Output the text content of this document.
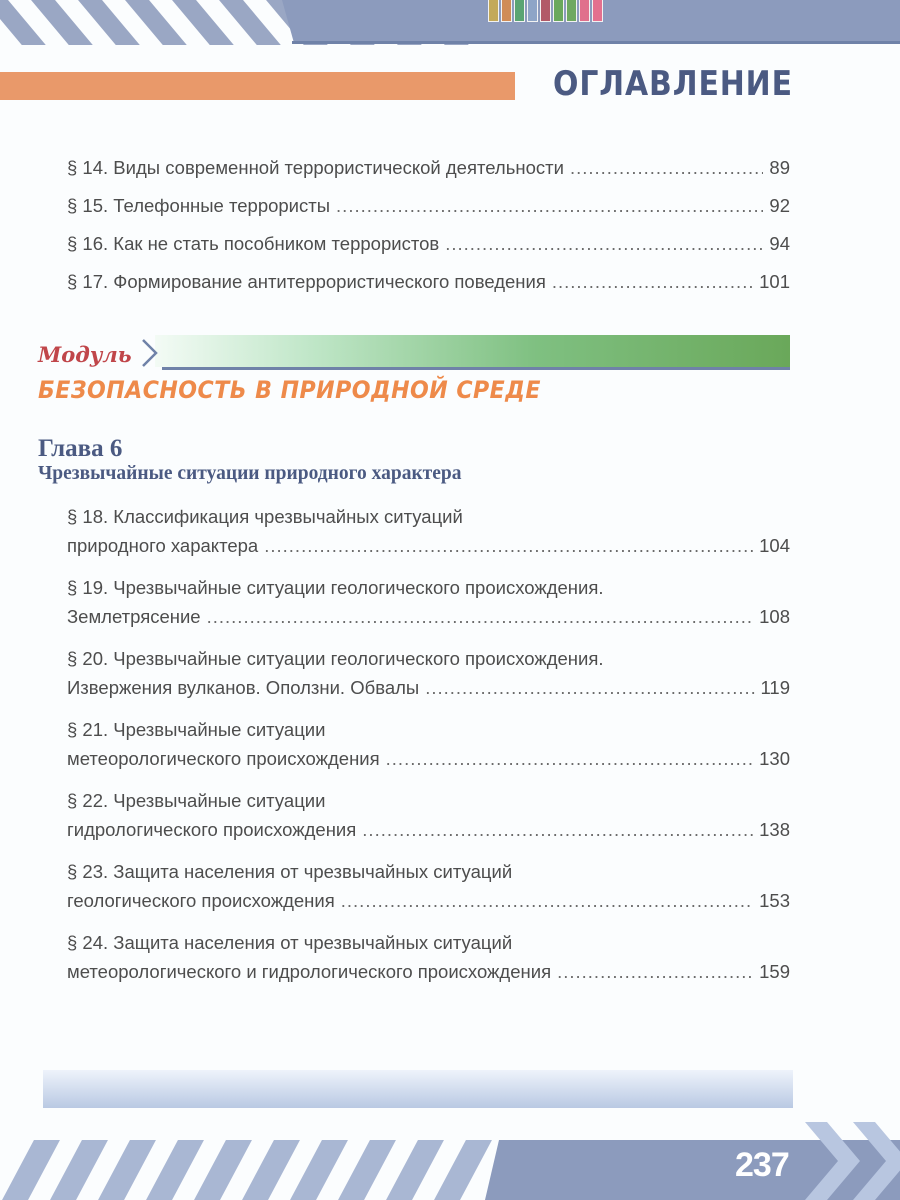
ОГЛАВЛЕНИЕ
§ 14. Виды современной террористической деятельности .....	89
§ 15. Телефонные террористы .....	92
§ 16. Как не стать пособником террористов .....	94
§ 17. Формирование антитеррористического поведения .....	101
Модуль
БЕЗОПАСНОСТЬ В ПРИРОДНОЙ СРЕДЕ
Глава 6
Чрезвычайные ситуации природного характера
§ 18. Классификация чрезвычайных ситуаций
природного характера .....	104
§ 19. Чрезвычайные ситуации геологического происхождения.
Землетрясение .....	108
§ 20. Чрезвычайные ситуации геологического происхождения.
Извержения вулканов. Оползни. Обвалы .....	119
§ 21. Чрезвычайные ситуации
метеорологического происхождения .....	130
§ 22. Чрезвычайные ситуации
гидрологического происхождения .....	138
§ 23. Защита населения от чрезвычайных ситуаций
геологического происхождения .....	153
§ 24. Защита населения от чрезвычайных ситуаций
метеорологического и гидрологического происхождения .....	159
237
